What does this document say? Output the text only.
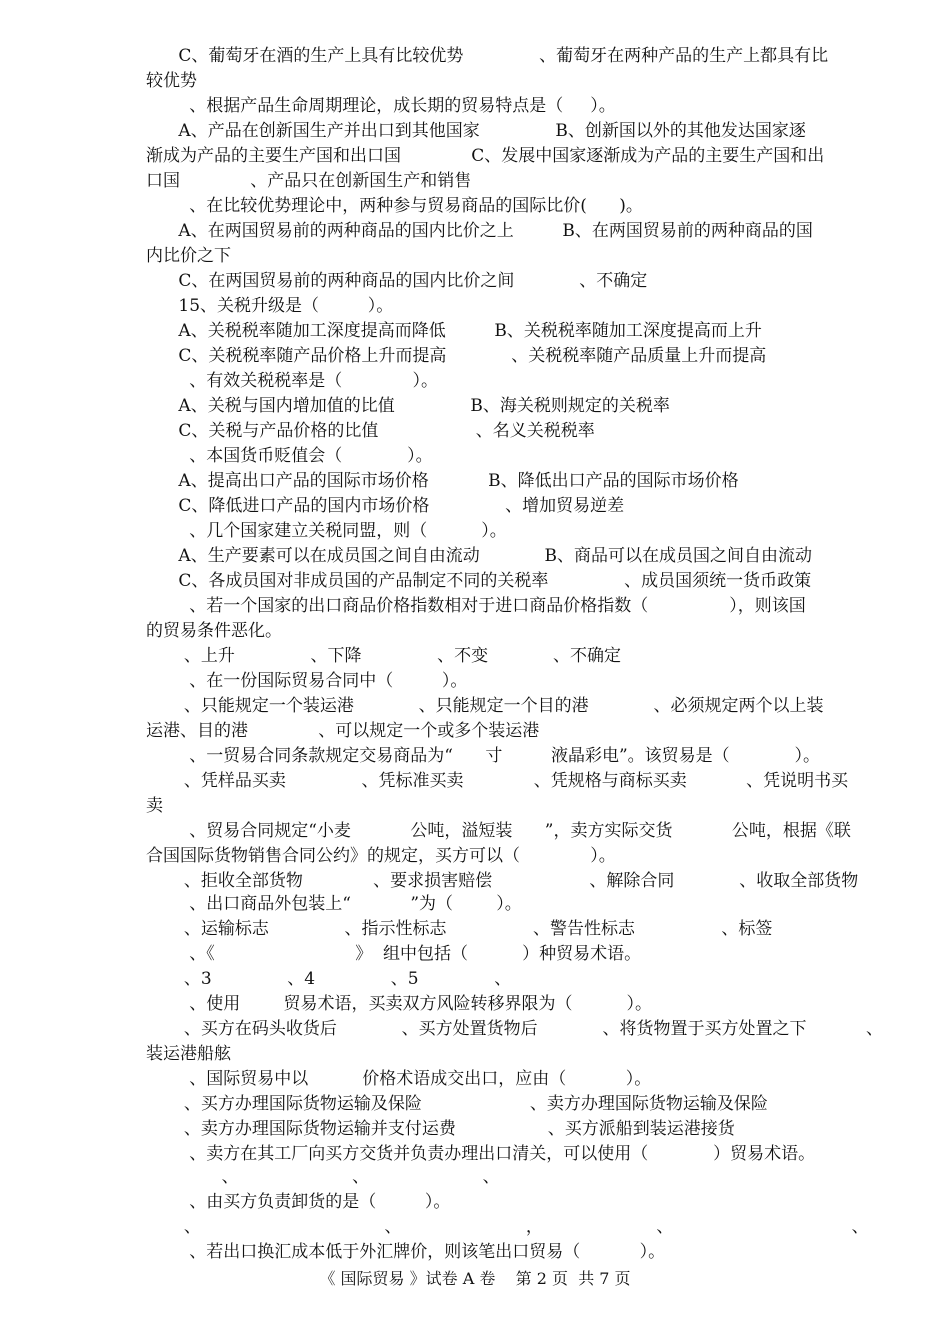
C、葡萄牙在酒的生产上具有比较优势              、葡萄牙在两种产品的生产上都具有比
较优势
、根据产品生命周期理论，成长期的贸易特点是（     ）。
A、产品在创新国生产并出口到其他国家              B、创新国以外的其他发达国家逐
渐成为产品的主要生产国和出口国             C、发展中国家逐渐成为产品的主要生产国和出
口国             、产品只在创新国生产和销售
、在比较优势理论中，两种参与贸易商品的国际比价(      )。
A、在两国贸易前的两种商品的国内比价之上         B、在两国贸易前的两种商品的国
内比价之下
C、在两国贸易前的两种商品的国内比价之间            、不确定
15、关税升级是（         ）。
A、关税税率随加工深度提高而降低         B、关税税率随加工深度提高而上升
C、关税税率随产品价格上升而提高            、关税税率随产品质量上升而提高
、有效关税税率是（             ）。
A、关税与国内增加值的比值              B、海关税则规定的关税率
C、关税与产品价格的比值                  、名义关税税率
、本国货币贬值会（            ）。
A、提高出口产品的国际市场价格           B、降低出口产品的国际市场价格
C、降低进口产品的国内市场价格              、增加贸易逆差
、几个国家建立关税同盟，则（          ）。
A、生产要素可以在成员国之间自由流动            B、商品可以在成员国之间自由流动
C、各成员国对非成员国的产品制定不同的关税率              、成员国须统一货币政策
、若一个国家的出口商品价格指数相对于进口商品价格指数（               ），则该国
的贸易条件恶化。
、上升              、下降              、不变            、不确定
、在一份国际贸易合同中（         ）。
、只能规定一个装运港            、只能规定一个目的港            、必须规定两个以上装
运港、目的港             、可以规定一个或多个装运港
、一贸易合同条款规定交易商品为“      寸         液晶彩电”。该贸易是（            ）。
、凭样品买卖              、凭标准买卖             、凭规格与商标买卖           、凭说明书买
卖
、贸易合同规定“小麦           公吨，溢短装      ”，卖方实际交货           公吨，根据《联
合国国际货物销售合同公约》的规定，买方可以（             ）。
、拒收全部货物             、要求损害赔偿                  、解除合同            、收取全部货物
、出口商品外包装上“           ”为（        ）。
、运输标志              、指示性标志                、警告性标志                、标签
、《                          》  组中包括（          ）种贸易术语。
、3              、4              、5              、
、使用        贸易术语，买卖双方风险转移界限为（          ）。
、买方在码头收货后            、买方处置货物后            、将货物置于买方处置之下           、
装运港船舷
、国际贸易中以          价格术语成交出口，应由（           ）。
、买方办理国际货物运输及保险                    、卖方办理国际货物运输及保险
、卖方办理国际货物运输并支付运费                 、买方派船到装运港接货
、卖方在其工厂向买方交货并负责办理出口清关，可以使用（            ）贸易术语。
、                     、                     、
、由买方负责卸货的是（         ）。
、                                  、                       ，                     、                                 、
、若出口换汇成本低于外汇牌价，则该笔出口贸易（           ）。
《 国际贸易 》试卷 A 卷    第 2 页  共 7 页
